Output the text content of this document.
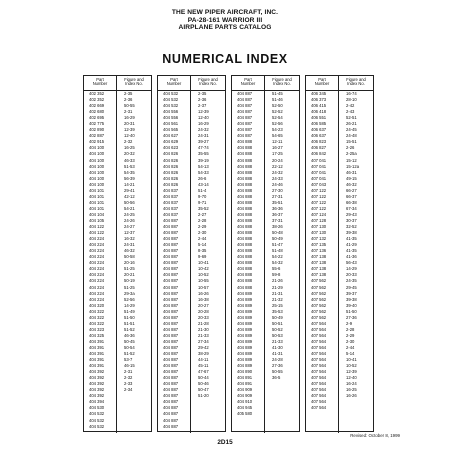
THE NEW PIPER AIRCRAFT, INC.
PA-28-161 WARRIOR III
AIRPLANE PARTS CATALOG
NUMERICAL INDEX
Part
Number
Figure and
Index No.
402 352
402 352
402 669
402 680
402 695
402 775
402 890
402 887
402 915
404 100
404 100
404 100
404 100
404 100
404 100
404 100
404 101
404 101
404 101
404 101
404 104
404 105
404 122
404 122
404 224
404 224
404 224
404 224
404 224
404 224
404 224
404 224
404 224
404 224
404 224
404 320
404 322
404 322
404 322
404 323
404 325
404 391
404 391
404 391
404 391
404 391
404 392
404 392
404 392
404 392
404 392
404 394
404 530
404 532
404 532
404 532
2-35
2-36
50-55
2-31
16-29
20-31
12-39
12-40
2-32
16-25
20-32
46-33
51-53
54-35
56-39
14-21
29-41
42-12
50-56
54-21
24-25
24-26
24-27
12-37
16-32
24-31
46-32
50-58
20-16
51-25
20-21
50-19
51-25
29-3a
52-56
14-29
51-49
51-50
51-51
51-52
46-36
50-45
50-54
51-52
53-7
46-15
2-31
2-32
2-33
2-34
Part
Number
Figure and
Index No.
404 532
404 532
404 532
404 556
404 556
404 561
404 565
404 627
404 629
404 623
404 826
404 826
404 826
404 826
404 826
404 826
404 837
404 837
404 837
404 837
404 837
404 887
404 887
404 887
404 887
404 887
404 887
404 887
404 887
404 887
404 887
404 887
404 887
404 887
404 887
404 887
404 887
404 887
404 887
404 887
404 887
404 887
404 887
404 887
404 887
404 887
404 887
404 887
404 887
404 887
404 887
404 887
404 887
404 887
404 887
404 887
2-35
2-36
2-37
12-39
12-40
16-29
24-32
24-31
39-27
47-74
35-55
39-19
54-13
54-33
26-6
43-14
51-4
9-70
9-71
35-52
2-27
2-28
2-29
2-30
2-44
5-14
8-35
9-69
10-41
10-42
10-52
10-55
10-57
16-26
16-38
20-27
20-28
20-33
21-28
21-30
21-33
27-34
29-42
38-29
44-11
45-11
47-67
50-44
50-46
50-47
51-20
Part
Number
Figure and
Index No.
404 887
404 887
404 887
404 887
404 887
404 887
404 887
404 887
404 888
404 888
404 888
404 888
404 888
404 888
404 888
404 888
404 888
404 888
404 888
404 888
404 888
404 888
404 888
404 888
404 888
404 888
404 888
404 888
404 888
404 888
404 888
404 888
404 888
404 889
404 889
404 889
404 889
404 889
404 889
404 889
404 889
404 889
404 889
404 889
404 889
404 889
404 890
404 891
404 891
404 909
404 909
404 910
404 945
405 580
51-45
51-46
52-50
52-52
52-54
52-56
54-23
54-65
12-11
16-27
17-25
20-24
22-12
24-32
24-33
24-46
27-30
27-31
35-51
36-36
36-37
37-31
38-26
50-48
50-49
51-47
51-48
54-22
54-32
55-6
59-8
21-26
21-29
21-31
21-32
25-15
35-53
50-49
50-51
50-52
50-53
21-33
41-30
41-31
24-28
27-36
50-55
36-5
Part
Number
Figure and
Index No.
406 345
406 373
406 415
406 418
406 551
406 585
406 637
406 637
406 823
406 827
406 842
407 041
407 041
407 041
407 041
407 043
407 122
407 122
407 122
407 122
407 124
407 128
407 130
407 130
407 132
407 135
407 136
407 138
407 138
407 138
407 138
407 562
407 562
407 562
407 562
407 562
407 562
407 562
407 564
407 564
407 564
407 564
407 564
407 564
407 564
407 564
407 564
407 564
407 564
407 564
407 564
407 564
407 564
16-74
28-10
2-42
2-43
52-51
26-21
24-45
24-48
15-51
2-26
2-25a
15-12
15-12a
46-31
49-15
46-32
66-27
66-37
66-38
67-34
29-43
30-37
32-52
39-38
41-35
41-29
41-35
41-36
56-43
14-29
20-33
24-35
29-45
39-37
39-38
39-40
51-50
27-36
2-9
2-28
2-29
2-30
2-44
5-14
10-41
10-52
12-39
12-40
16-24
16-25
16-26
Revised: October 8, 1999
2D15
